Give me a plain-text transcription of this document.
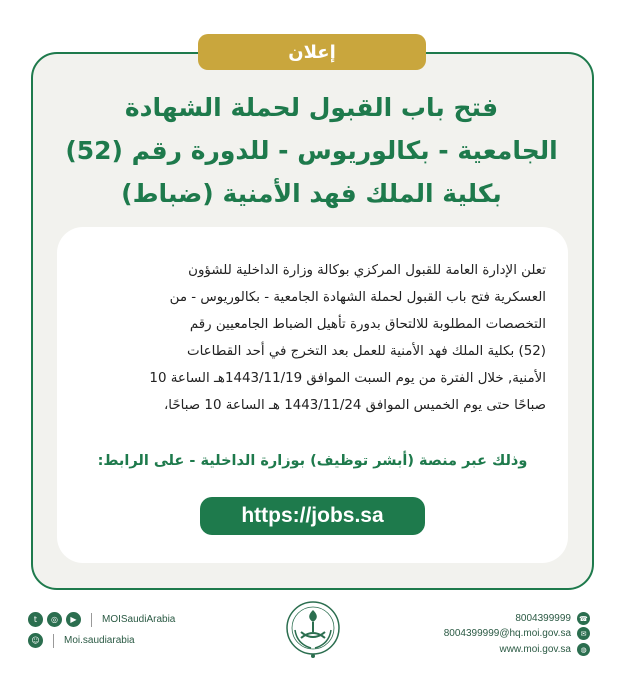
إعلان
فتح باب القبول لحملة الشهادة
الجامعية - بكالوريوس - للدورة رقم (52)
بكلية الملك فهد الأمنية (ضباط)
تعلن الإدارة العامة للقبول المركزي بوكالة وزارة الداخلية للشؤون
العسكرية فتح باب القبول لحملة الشهادة الجامعية - بكالوريوس - من
التخصصات المطلوبة للالتحاق بدورة تأهيل الضباط الجامعيين رقم
(52) بكلية الملك فهد الأمنية للعمل بعد التخرج في أحد القطاعات
الأمنية, خلال الفترة من يوم السبت الموافق 1443/11/19هـ الساعة 10
صباحًا حتى يوم الخميس الموافق 1443/11/24 هـ الساعة 10 صباحًا،
وذلك عبر منصة (أبشر توظيف) بوزارة الداخلية - على الرابط:
https://jobs.sa
t	◎	▶	MOISaudiArabia
☺	Moi.saudiarabia
8004399999	☎
8004399999@hq.moi.gov.sa	✉
www.moi.gov.sa	◍
